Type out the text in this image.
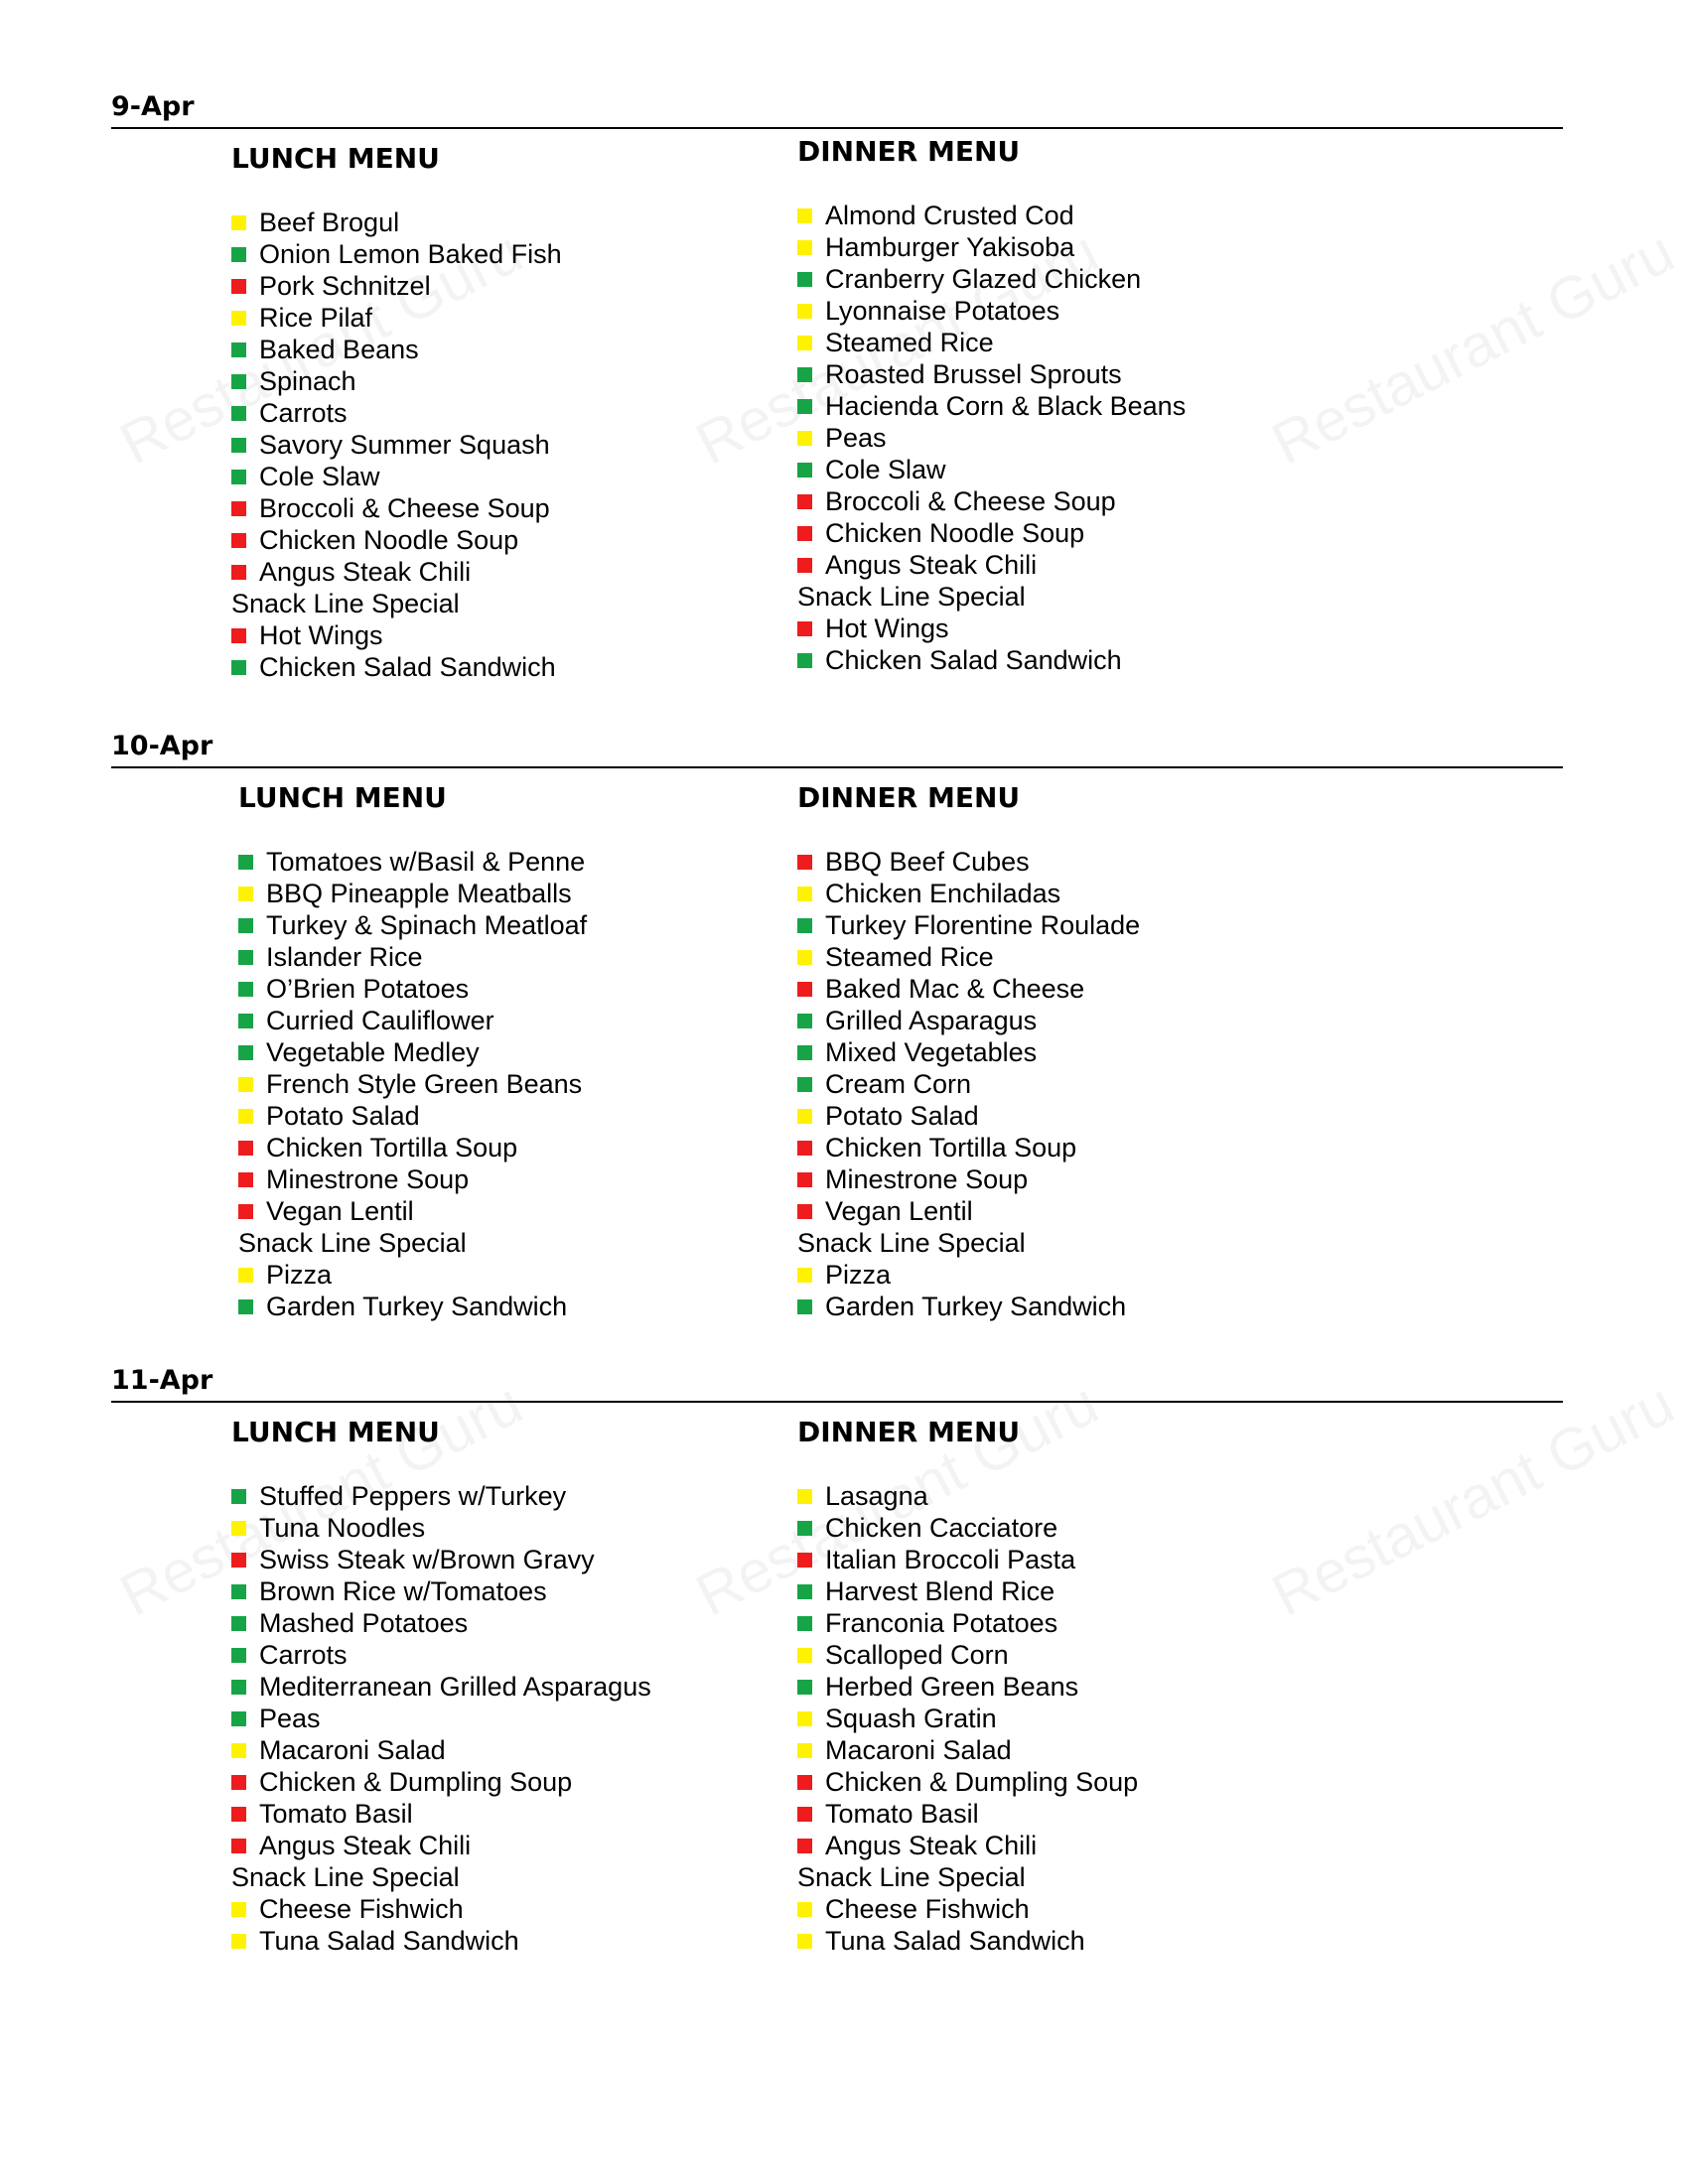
9-Apr
LUNCH MENU
Beef Brogul
Onion Lemon Baked Fish
Pork Schnitzel
Rice Pilaf
Baked Beans
Spinach
Carrots
Savory Summer Squash
Cole Slaw
Broccoli & Cheese Soup
Chicken Noodle Soup
Angus Steak Chili
Snack Line Special
Hot Wings
Chicken Salad Sandwich
DINNER MENU
Almond Crusted Cod
Hamburger Yakisoba
Cranberry Glazed Chicken
Lyonnaise Potatoes
Steamed Rice
Roasted Brussel Sprouts
Hacienda Corn & Black Beans
Peas
Cole Slaw
Broccoli & Cheese Soup
Chicken Noodle Soup
Angus Steak Chili
Snack Line Special
Hot Wings
Chicken Salad Sandwich
10-Apr
LUNCH MENU
Tomatoes w/Basil & Penne
BBQ Pineapple Meatballs
Turkey & Spinach Meatloaf
Islander Rice
O’Brien Potatoes
Curried Cauliflower
Vegetable Medley
French Style Green Beans
Potato Salad
Chicken Tortilla Soup
Minestrone Soup
Vegan Lentil
Snack Line Special
Pizza
Garden Turkey Sandwich
DINNER MENU
BBQ Beef Cubes
Chicken Enchiladas
Turkey Florentine Roulade
Steamed Rice
Baked Mac & Cheese
Grilled Asparagus
Mixed Vegetables
Cream Corn
Potato Salad
Chicken Tortilla Soup
Minestrone Soup
Vegan Lentil
Snack Line Special
Pizza
Garden Turkey Sandwich
11-Apr
LUNCH MENU
Stuffed Peppers w/Turkey
Tuna Noodles
Swiss Steak w/Brown Gravy
Brown Rice w/Tomatoes
Mashed Potatoes
Carrots
Mediterranean Grilled Asparagus
Peas
Macaroni Salad
Chicken & Dumpling Soup
Tomato Basil
Angus Steak Chili
Snack Line Special
Cheese Fishwich
Tuna Salad Sandwich
DINNER MENU
Lasagna
Chicken Cacciatore
Italian Broccoli Pasta
Harvest Blend Rice
Franconia Potatoes
Scalloped Corn
Herbed Green Beans
Squash Gratin
Macaroni Salad
Chicken & Dumpling Soup
Tomato Basil
Angus Steak Chili
Snack Line Special
Cheese Fishwich
Tuna Salad Sandwich
